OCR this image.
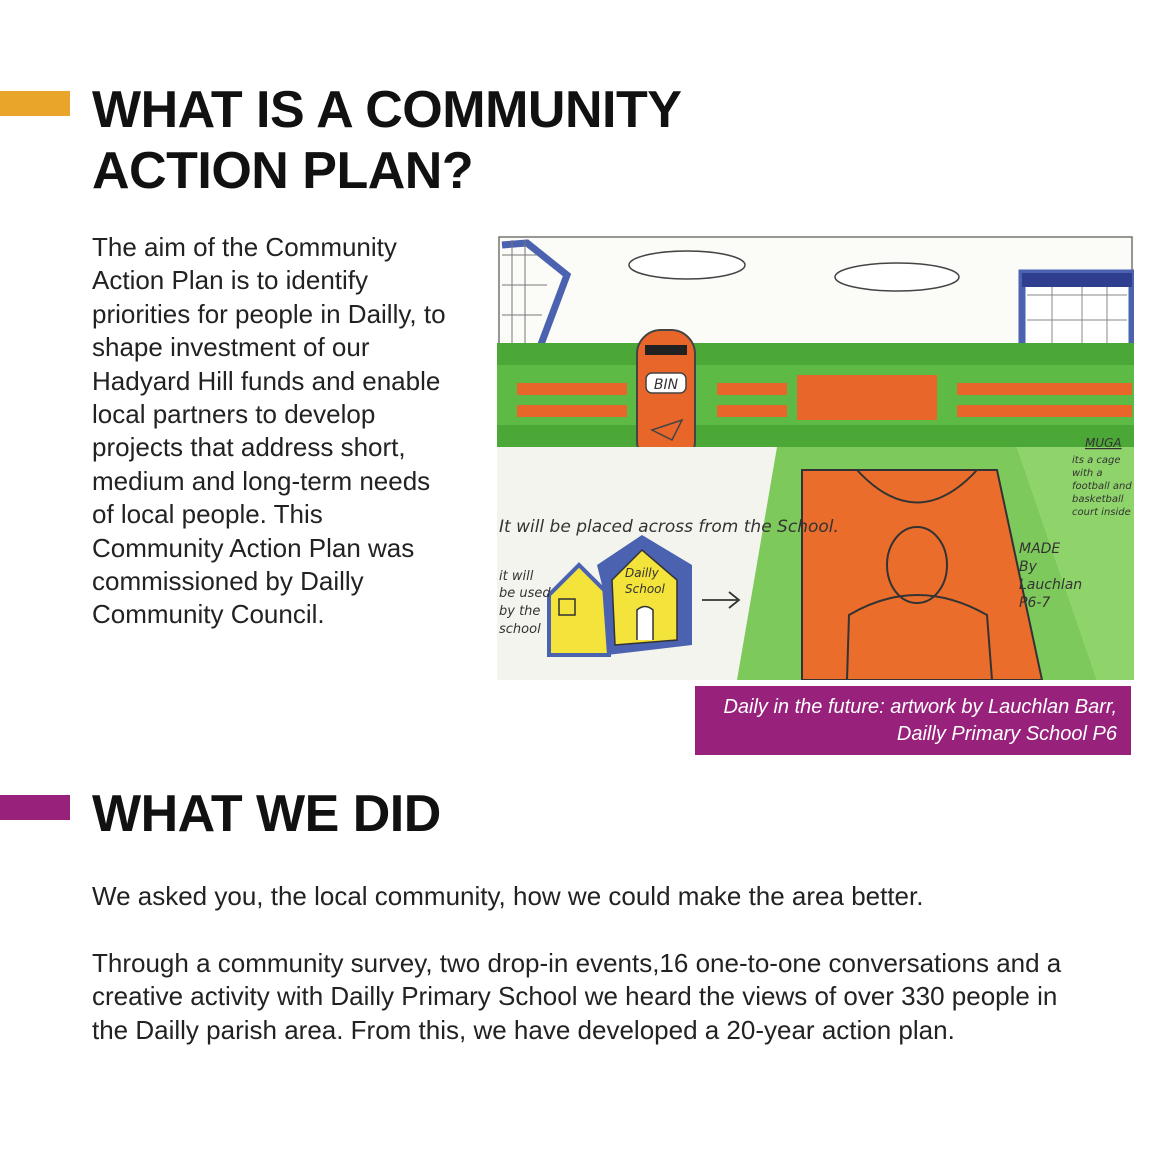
WHAT IS A COMMUNITY ACTION PLAN?

The aim of the Community Action Plan is to identify priorities for people in Dailly, to shape investment of our Hadyard Hill funds and enable local partners to develop projects that address short, medium and long-term needs of local people. This Community Action Plan was commissioned by Dailly Community Council.

BIN
Dailly School
It will be placed across from the School.
it will be used by the school
MUGA
its a cage with a football and basketball court inside
MADE By Lauchlan P6-7
Daily in the future: artwork by Lauchlan Barr, Dailly Primary School P6
WHAT WE DID

We asked you, the local community, how we could make the area better.

Through a community survey, two drop-in events,16 one-to-one conversations and a creative activity with Dailly Primary School we heard the views of over 330 people in the Dailly parish area. From this, we have developed a 20-year action plan.
